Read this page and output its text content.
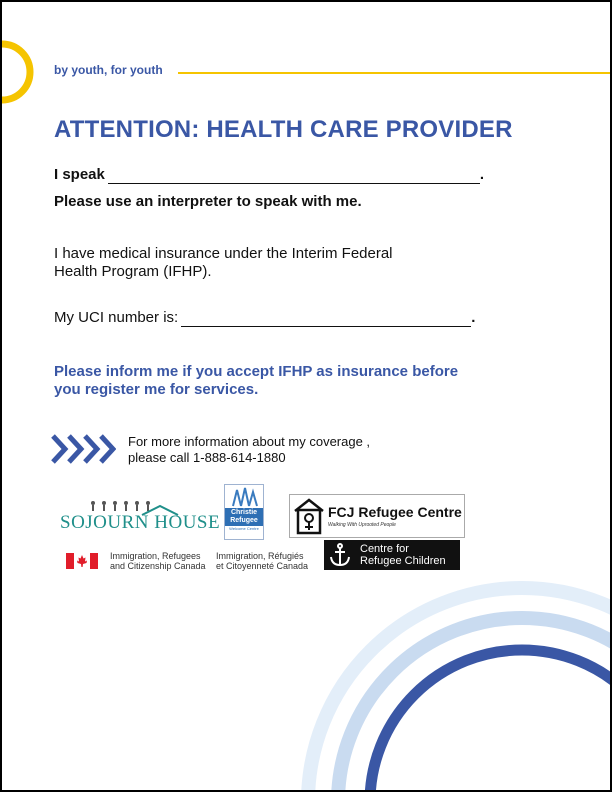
by youth, for youth
ATTENTION: HEALTH CARE PROVIDER
I speak	.
Please use an interpreter to speak with me.
I have medical insurance under the Interim Federal
Health Program (IFHP).
My UCI number is:	.
Please inform me if you accept IFHP as insurance before
you register me for services.
For more information about my coverage ,
please call 1-888-614-1880
SOJOURN HOUSE	Christie
Refugee
Welcome Centre
FCJ Refugee Centre
Walking With Uprooted People
Immigration, Refugees
and Citizenship Canada
Immigration, Réfugiés
et Citoyenneté Canada
Centre for
Refugee Children
